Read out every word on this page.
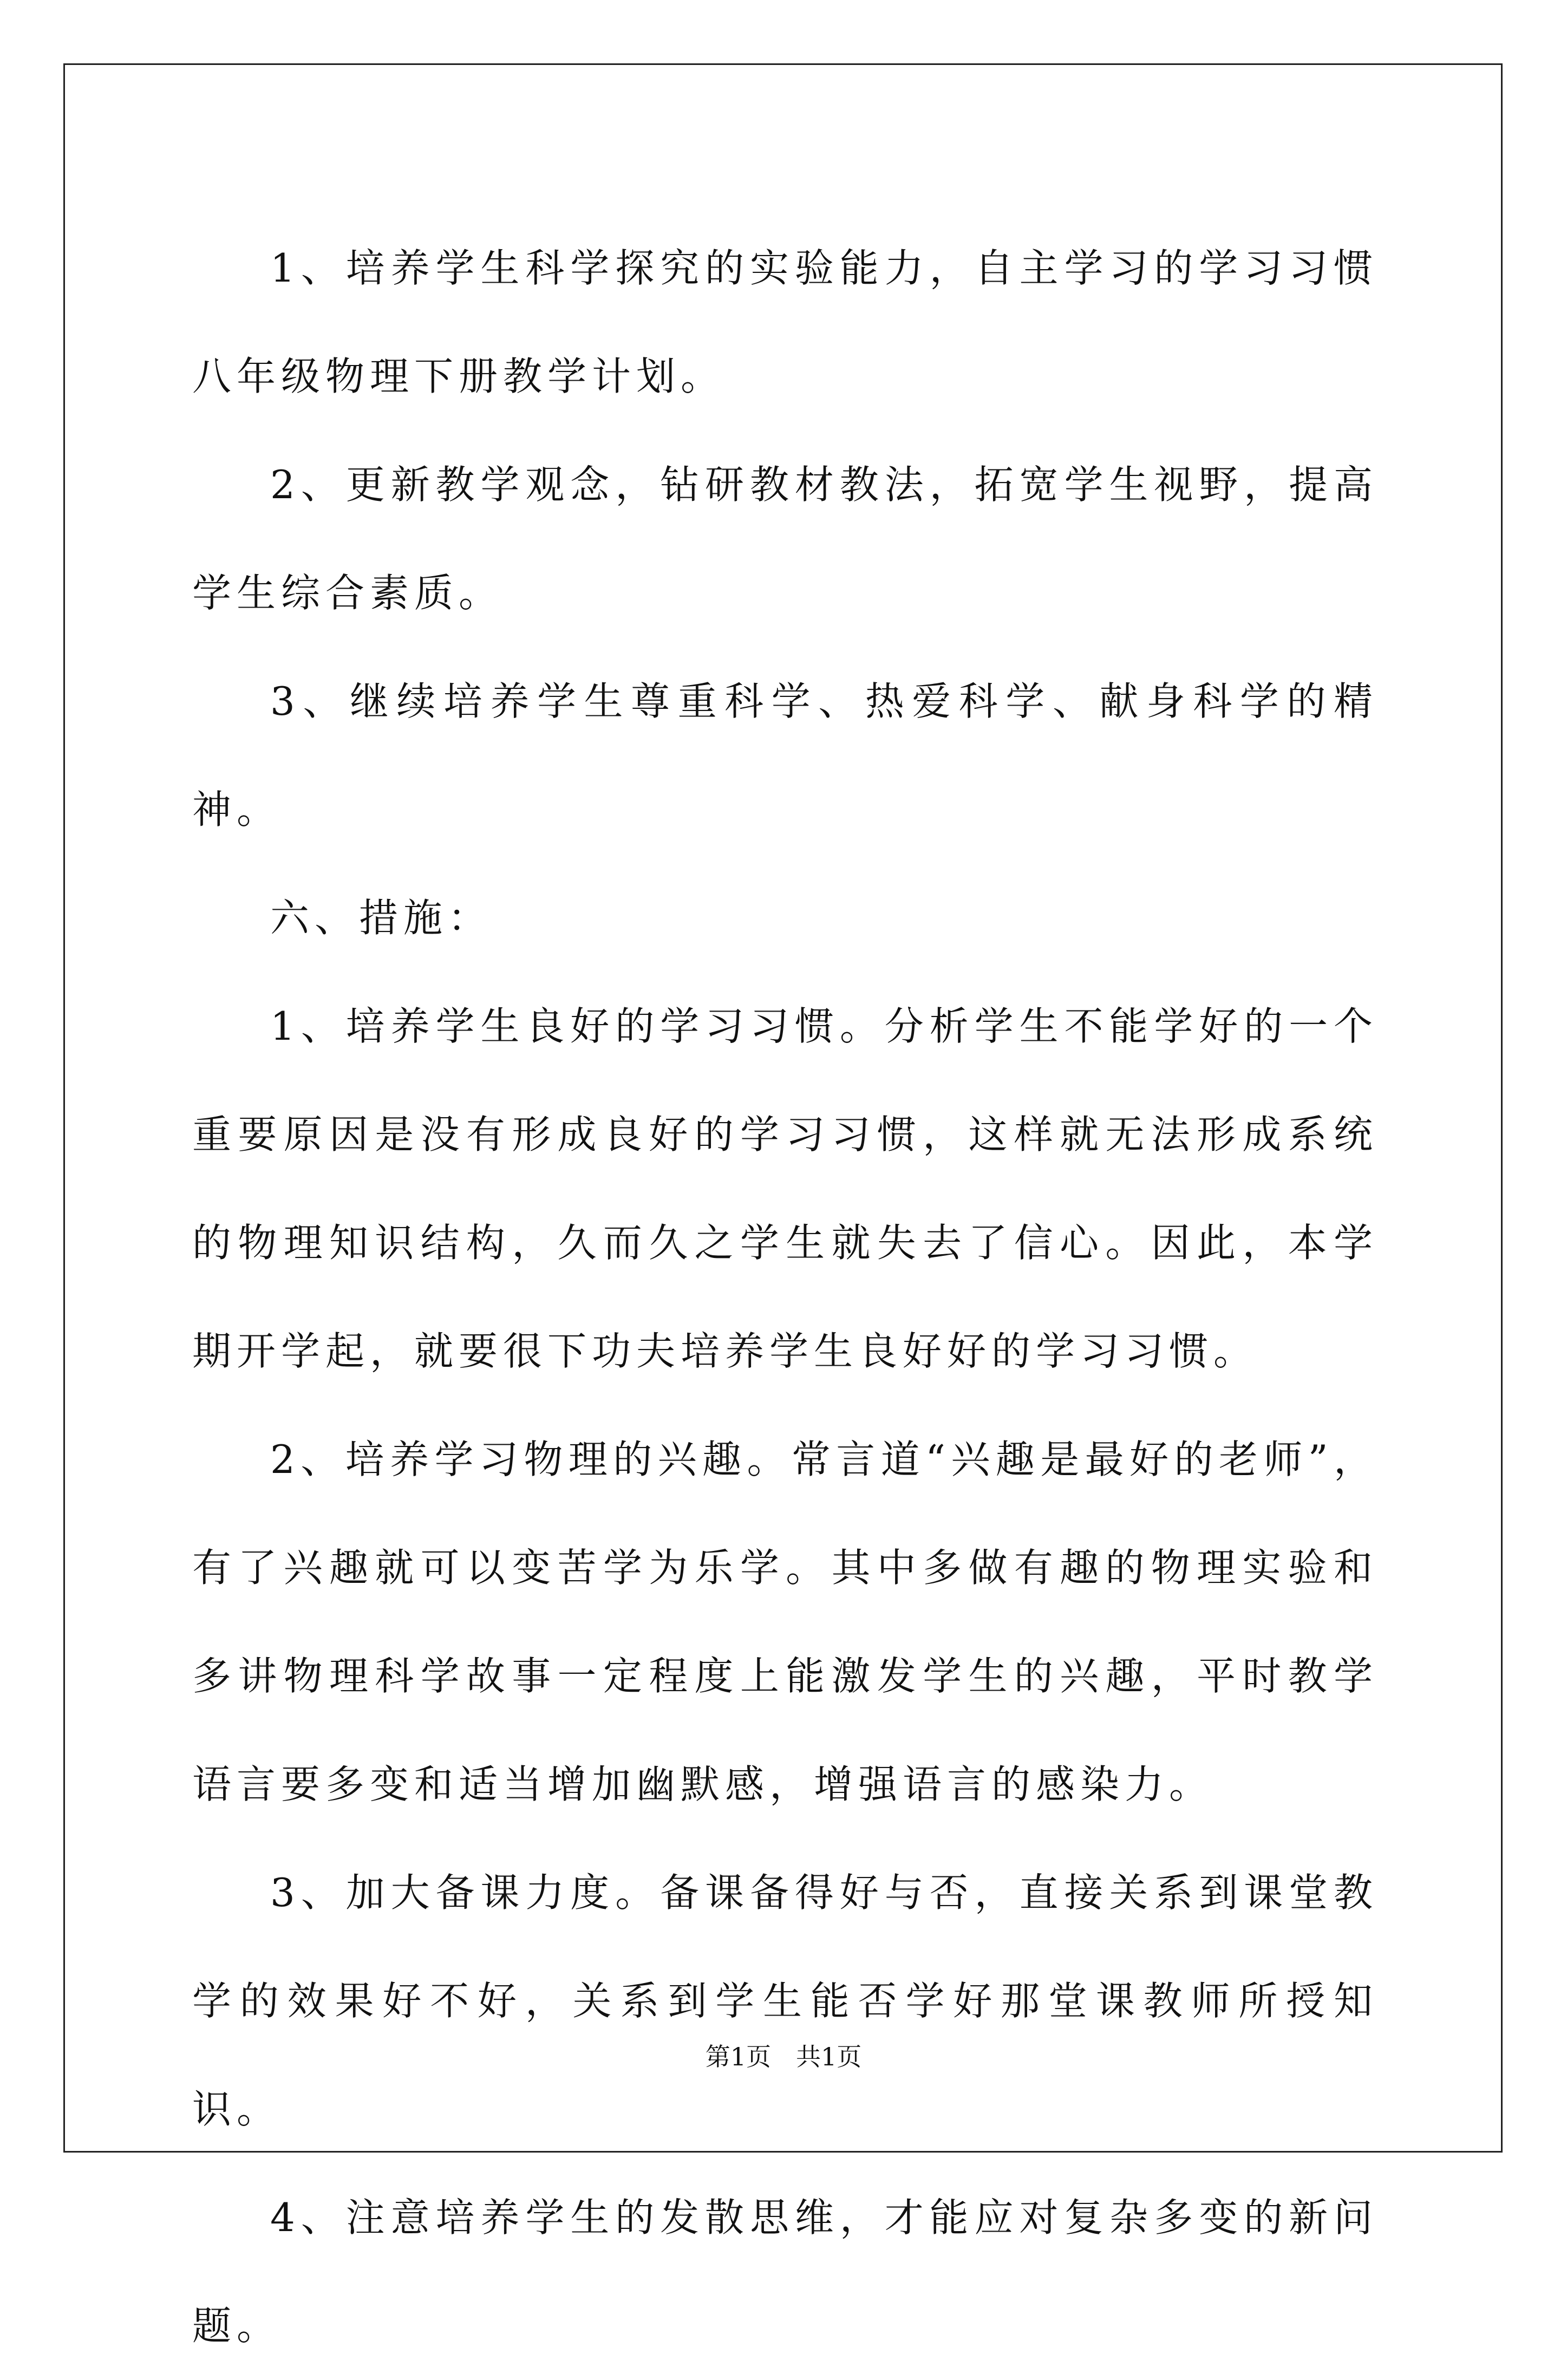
1、培养学生科学探究的实验能力，自主学习的学习习惯八年级物理下册教学计划。

2、更新教学观念，钻研教材教法，拓宽学生视野，提高学生综合素质。

3、继续培养学生尊重科学、热爱科学、献身科学的精神。

六、措施：

1、培养学生良好的学习习惯。分析学生不能学好的一个重要原因是没有形成良好的学习习惯，这样就无法形成系统的物理知识结构，久而久之学生就失去了信心。因此，本学期开学起，就要很下功夫培养学生良好好的学习习惯。

2、培养学习物理的兴趣。常言道“兴趣是最好的老师”，有了兴趣就可以变苦学为乐学。其中多做有趣的物理实验和多讲物理科学故事一定程度上能激发学生的兴趣，平时教学语言要多变和适当增加幽默感，增强语言的感染力。

3、加大备课力度。备课备得好与否，直接关系到课堂教学的效果好不好，关系到学生能否学好那堂课教师所授知识。

4、注意培养学生的发散思维，才能应对复杂多变的新问题。

第1页　共1页
